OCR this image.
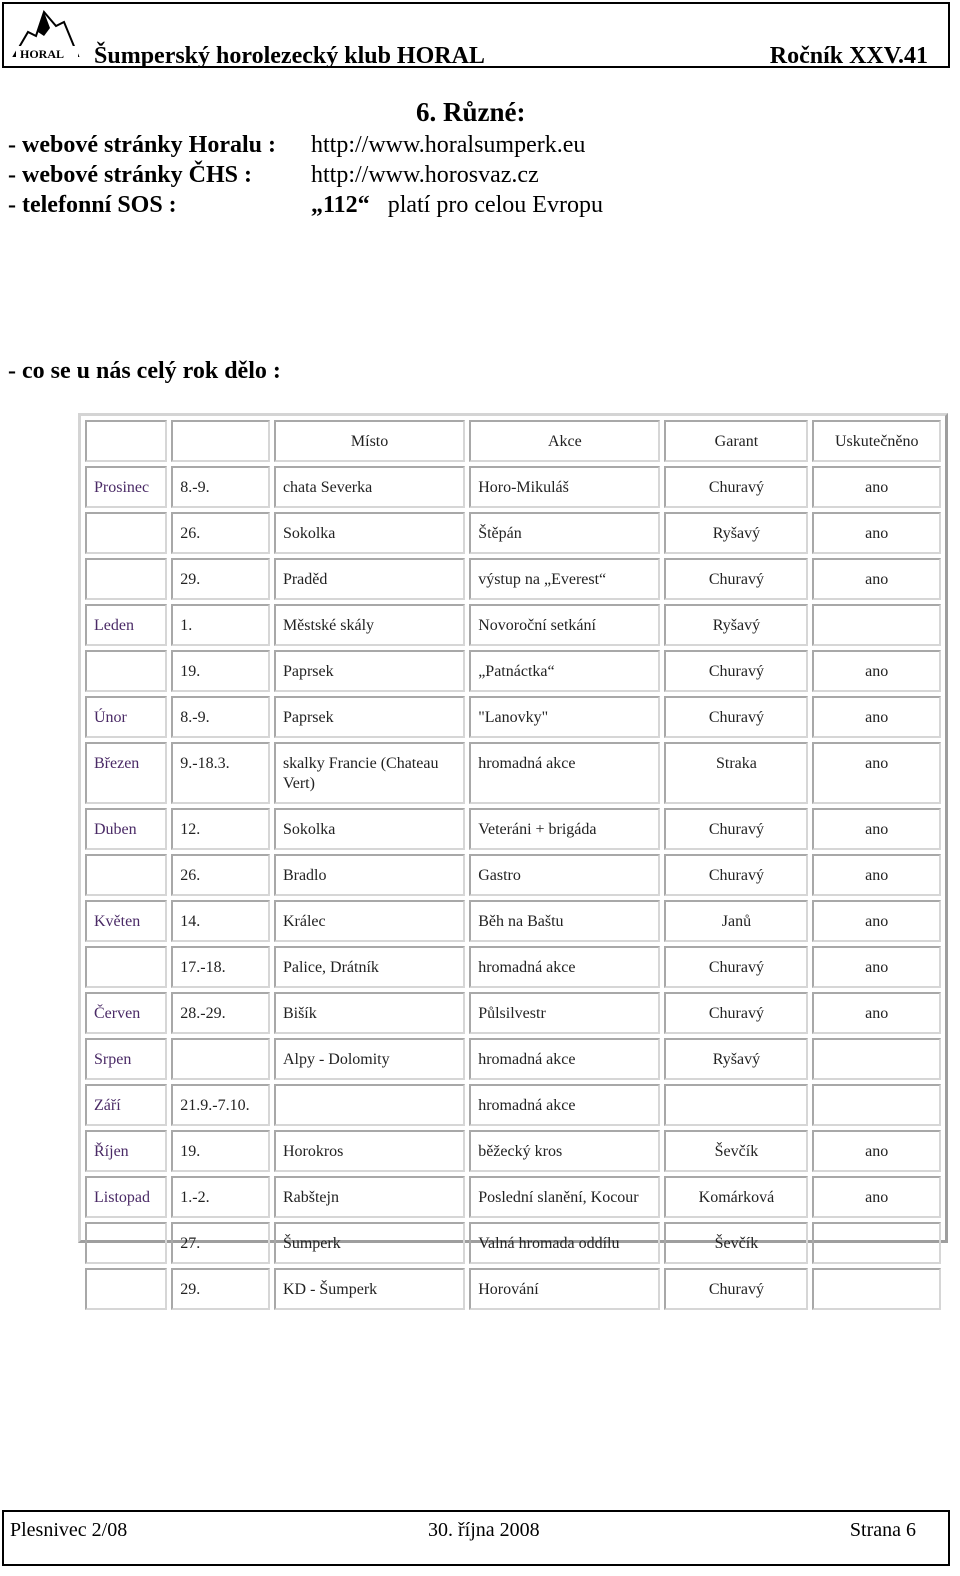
HORAL Šumperský horolezecký klub HORAL	Ročník XXV.41
6. Různé:
- webové stránky Horalu : http://www.horalsumperk.eu
- webové stránky ČHS : http://www.horosvaz.cz
- telefonní SOS :	„112“ platí pro celou Evropu
- co se u nás celý rok dělo :
		Místo	Akce	Garant	Uskutečněno
Prosinec	8.-9.	chata Severka	Horo-Mikuláš	Churavý	ano
	26.	Sokolka	Štěpán	Ryšavý	ano
	29.	Praděd	výstup na „Everest“	Churavý	ano
Leden	1.	Městské skály	Novoroční setkání	Ryšavý	
	19.	Paprsek	„Patnáctka“	Churavý	ano
Únor	8.-9.	Paprsek	"Lanovky"	Churavý	ano
Březen	9.-18.3.	skalky Francie (Chateau Vert)	hromadná akce	Straka	ano
Duben	12.	Sokolka	Veteráni + brigáda	Churavý	ano
	26.	Bradlo	Gastro	Churavý	ano
Květen	14.	Králec	Běh na Baštu	Janů	ano
	17.-18.	Palice, Drátník	hromadná akce	Churavý	ano
Červen	28.-29.	Bišík	Půlsilvestr	Churavý	ano
Srpen		Alpy - Dolomity	hromadná akce	Ryšavý	
Září	21.9.-7.10.		hromadná akce		
Říjen	19.	Horokros	běžecký kros	Ševčík	ano
Listopad	1.-2.	Rabštejn	Poslední slanění, Kocour	Komárková	ano
	27.	Šumperk	Valná hromada oddílu	Ševčík	
	29.	KD - Šumperk	Horování	Churavý	
Plesnivec 2/08	30. října 2008	Strana 6
